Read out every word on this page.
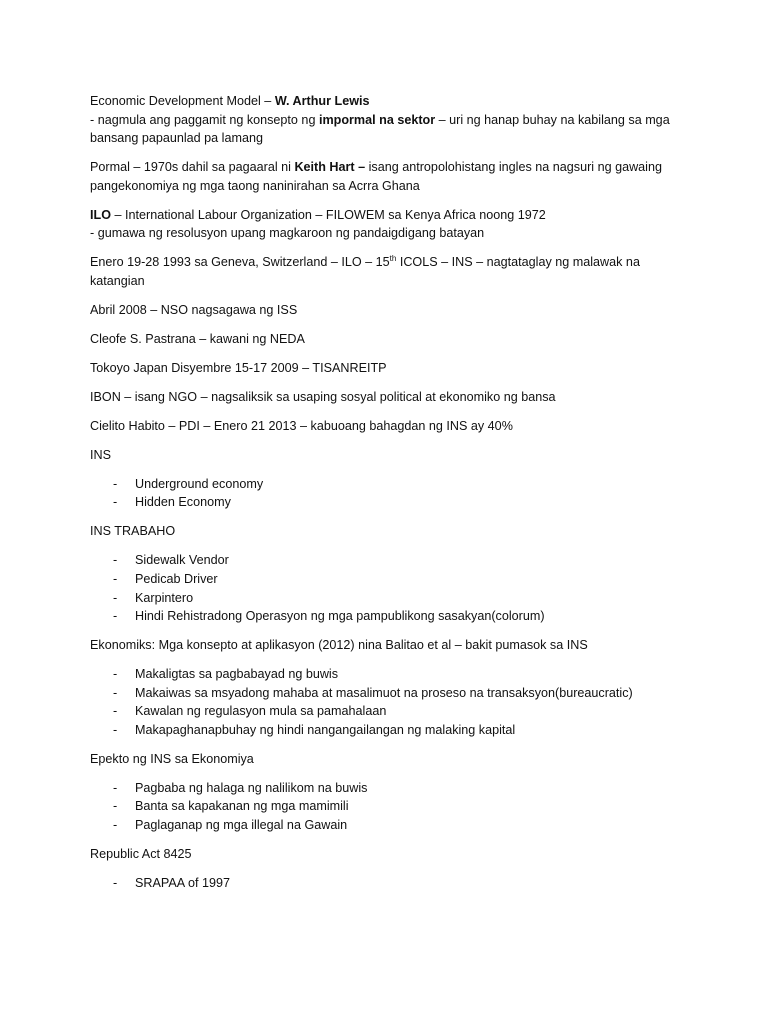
Economic Development Model – W. Arthur Lewis
- nagmula ang paggamit ng konsepto ng impormal na sektor – uri ng hanap buhay na kabilang sa mga
bansang papaunlad pa lamang
Pormal – 1970s dahil sa pagaaral ni Keith Hart – isang antropolohistang ingles na nagsuri ng gawaing
pangekonomiya ng mga taong naninirahan sa Acrra Ghana
ILO – International Labour Organization – FILOWEM sa Kenya Africa noong 1972
- gumawa ng resolusyon upang magkaroon ng pandaigdigang batayan
Enero 19-28 1993 sa Geneva, Switzerland – ILO – 15th ICOLS – INS – nagtataglay ng malawak na katangian
Abril 2008 – NSO nagsagawa ng ISS
Cleofe S. Pastrana – kawani ng NEDA
Tokoyo Japan Disyembre 15-17 2009 – TISANREITP
IBON – isang NGO – nagsaliksik sa usaping sosyal political at ekonomiko ng bansa
Cielito Habito – PDI – Enero 21 2013 – kabuoang bahagdan ng INS ay 40%
INS
- Underground economy
- Hidden Economy
INS TRABAHO
- Sidewalk Vendor
- Pedicab Driver
- Karpintero
- Hindi Rehistradong Operasyon ng mga pampublikong sasakyan(colorum)
Ekonomiks: Mga konsepto at aplikasyon (2012) nina Balitao et al – bakit pumasok sa INS
- Makaligtas sa pagbabayad ng buwis
- Makaiwas sa msyadong mahaba at masalimuot na proseso na transaksyon(bureaucratic)
- Kawalan ng regulasyon mula sa pamahalaan
- Makapaghanapbuhay ng hindi nangangailangan ng malaking kapital
Epekto ng INS sa Ekonomiya
- Pagbaba ng halaga ng nalilikom na buwis
- Banta sa kapakanan ng mga mamimili
- Paglaganap ng mga illegal na Gawain
Republic Act 8425
- SRAPAA of 1997
